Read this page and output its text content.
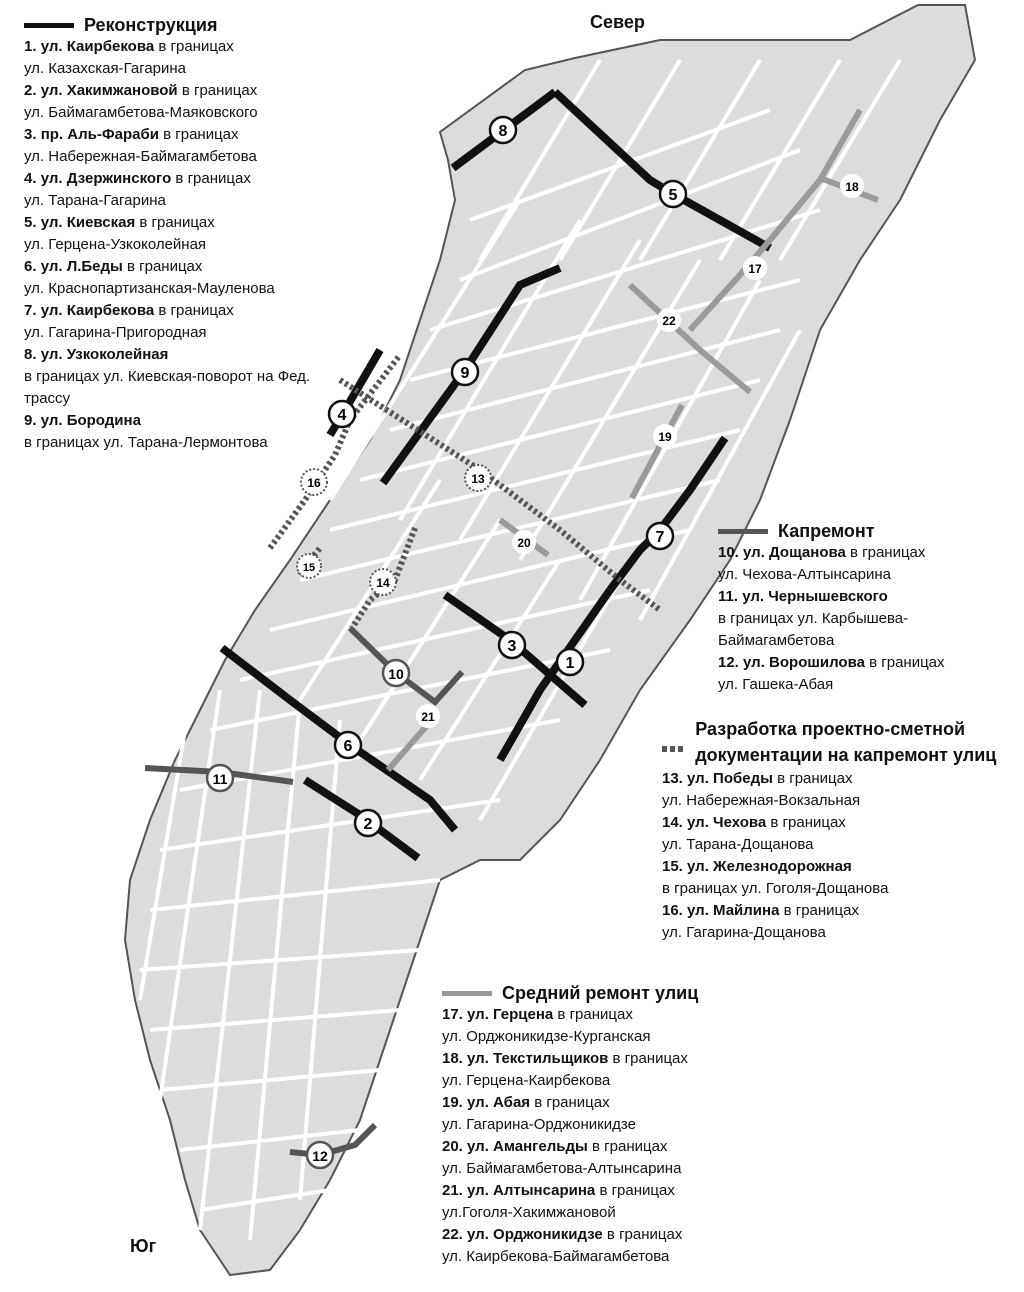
1
2
3
4
5
6
7
8
9
10
11
12
13
14
15
16
17
18
19
20
21
22
Север
Юг
Реконструкция
1. ул. Каирбекова в границах
ул. Казахская-Гагарина
2. ул. Хакимжановой в границах
ул. Баймагамбетова-Маяковского
3. пр. Аль-Фараби в границах
ул. Набережная-Баймагамбетова
4. ул. Дзержинского в границах
ул. Тарана-Гагарина
5. ул. Киевская в границах
ул. Герцена-Узкоколейная
6. ул. Л.Беды в границах
ул. Краснопартизанская-Мауленова
7. ул. Каирбекова в границах
ул. Гагарина-Пригородная
8. ул. Узкоколейная
в границах ул. Киевская-поворот на Фед. трассу
9. ул. Бородина
в границах ул. Тарана-Лермонтова
Капремонт
10. ул. Дощанова в границах
ул. Чехова-Алтынсарина
11. ул. Чернышевского
в границах ул. Карбышева-Баймагамбетова
12. ул. Ворошилова в границах
ул. Гашека-Абая
Разработка проектно-сметной документации на капремонт улиц
13. ул. Победы в границах
ул. Набережная-Вокзальная
14. ул. Чехова в границах
ул. Тарана-Дощанова
15. ул. Железнодорожная
в границах ул. Гоголя-Дощанова
16. ул. Майлина в границах
ул. Гагарина-Дощанова
Средний ремонт улиц
17. ул. Герцена в границах
ул. Орджоникидзе-Курганская
18. ул. Текстильщиков в границах
ул. Герцена-Каирбекова
19. ул. Абая в границах
ул. Гагарина-Орджоникидзе
20. ул. Амангельды в границах
ул. Баймагамбетова-Алтынсарина
21. ул. Алтынсарина в границах
ул.Гоголя-Хакимжановой
22. ул. Орджоникидзе в границах
ул. Каирбекова-Баймагамбетова
